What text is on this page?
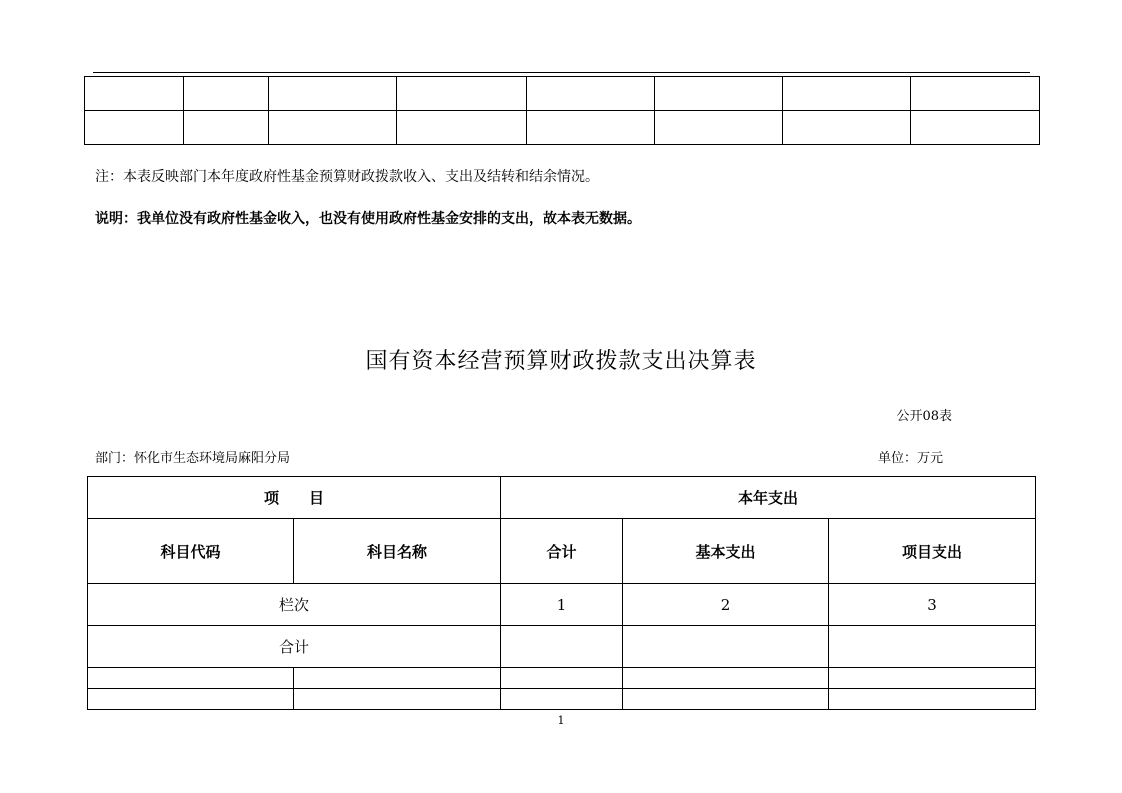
注：本表反映部门本年度政府性基金预算财政拨款收入、支出及结转和结余情况。
说明：我单位没有政府性基金收入，也没有使用政府性基金安排的支出，故本表无数据。
国有资本经营预算财政拨款支出决算表
公开08表
部门：怀化市生态环境局麻阳分局	单位：万元
项　　目		本年支出		
科目代码	科目名称	合计	基本支出	项目支出
栏次		1	2	3
合计				

1
